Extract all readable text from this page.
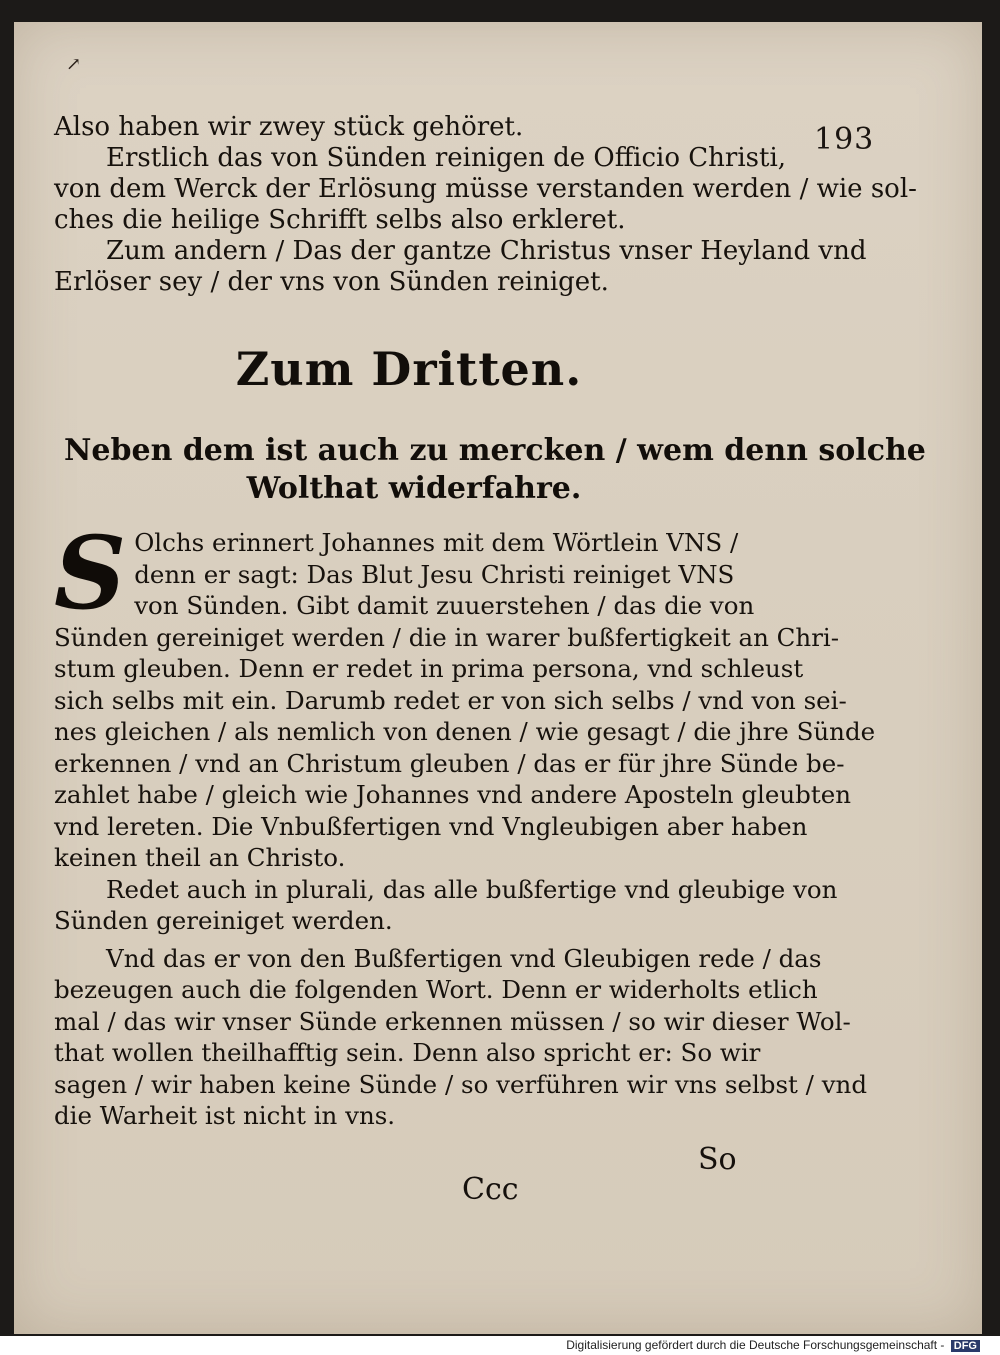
↗
193
Also haben wir zwey stück gehöret.
Erstlich das von Sünden reinigen de Officio Christi,
von dem Werck der Erlösung müsse verstanden werden / wie sol-
ches die heilige Schrifft selbs also erkleret.
Zum andern / Das der gantze Christus vnser Heyland vnd
Erlöser sey / der vns von Sünden reiniget.
Zum Dritten.
Neben dem ist auch zu mercken / wem denn solche
Wolthat widerfahre.
S Olchs erinnert Johannes mit dem Wörtlein VNS /
denn er sagt: Das Blut Jesu Christi reiniget VNS
von Sünden. Gibt damit zuuerstehen / das die von
Sünden gereiniget werden / die in warer bußfertigkeit an Chri-
stum gleuben. Denn er redet in prima persona, vnd schleust
sich selbs mit ein. Darumb redet er von sich selbs / vnd von sei-
nes gleichen / als nemlich von denen / wie gesagt / die jhre Sünde
erkennen / vnd an Christum gleuben / das er für jhre Sünde be-
zahlet habe / gleich wie Johannes vnd andere Aposteln gleubten
vnd lereten. Die Vnbußfertigen vnd Vngleubigen aber haben
keinen theil an Christo.
Redet auch in plurali, das alle bußfertige vnd gleubige von
Sünden gereiniget werden.
Vnd das er von den Bußfertigen vnd Gleubigen rede / das
bezeugen auch die folgenden Wort. Denn er widerholts etlich
mal / das wir vnser Sünde erkennen müssen / so wir dieser Wol-
that wollen theilhafftig sein. Denn also spricht er: So wir
sagen / wir haben keine Sünde / so verführen wir vns selbst / vnd
die Warheit ist nicht in vns.
So
Ccc
Digitalisierung gefördert durch die Deutsche Forschungsgemeinschaft - DFG
